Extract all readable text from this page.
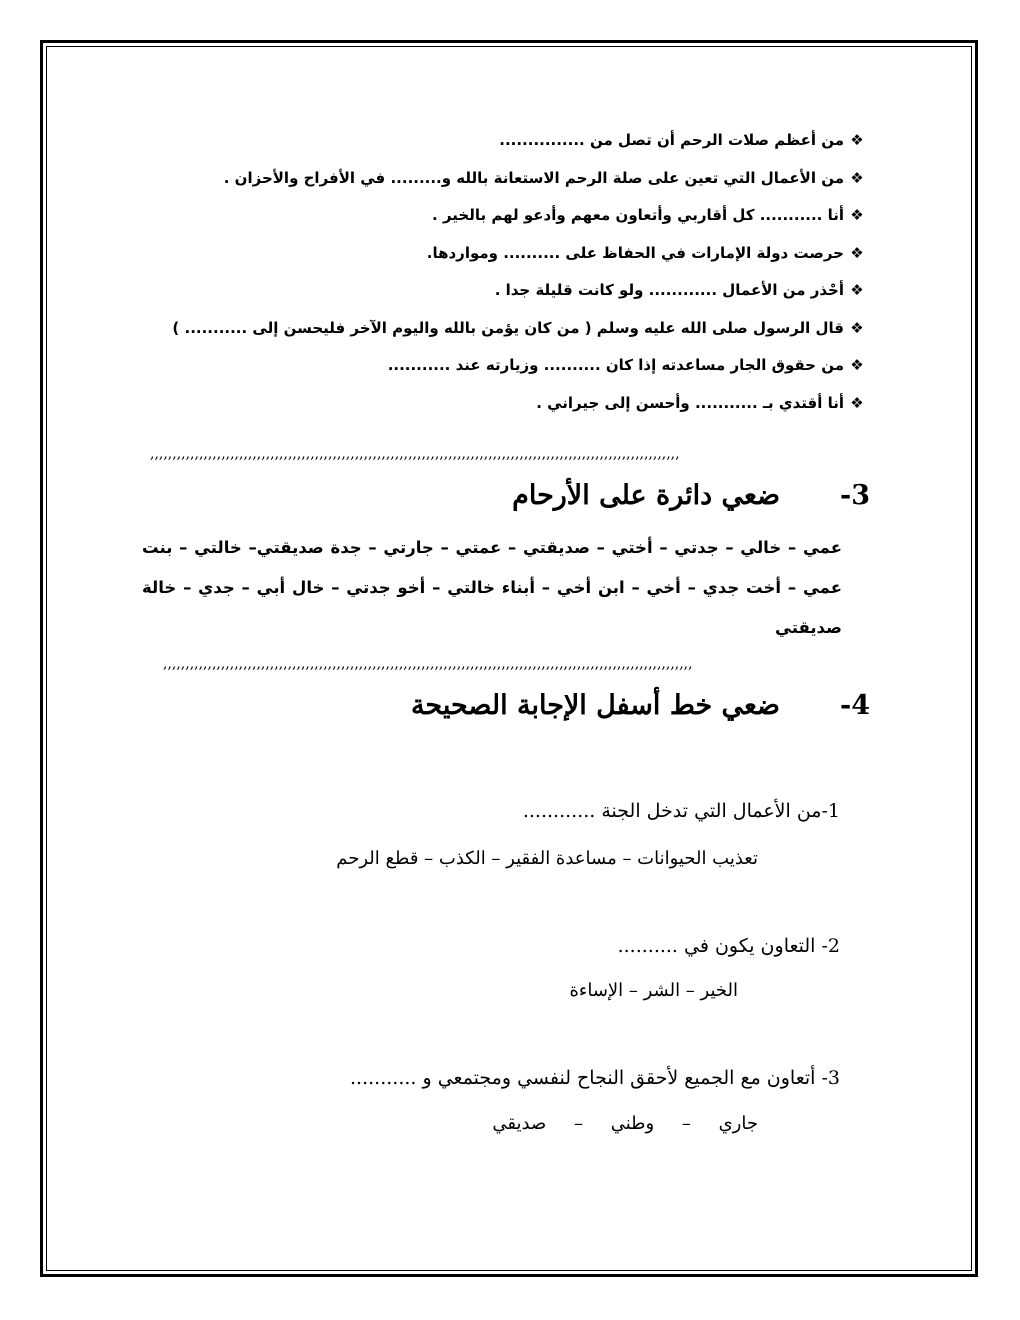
❖من أعظم صلات الرحم أن تصل من ...............
❖من الأعمال التي تعين على صلة الرحم الاستعانة بالله و......... في الأفراح والأحزان .
❖أنا ........... كل أقاربي وأتعاون معهم وأدعو لهم بالخير .
❖حرصت دولة الإمارات في الحفاظ على .......... ومواردها.
❖أحْذر من الأعمال ............ ولو كانت قليلة جدا .
❖قال الرسول صلى الله عليه وسلم ( من كان يؤمن بالله واليوم الآخر فليحسن إلى ........... )
❖من حقوق الجار مساعدته إذا كان .......... وزيارته عند ...........
❖أنا أقتدي بـ ........... وأحسن إلى جيراني .
,,,,,,,,,,,,,,,,,,,,,,,,,,,,,,,,,,,,,,,,,,,,,,,,,,,,,,,,,,,,,,,,,,,,,,,,,,,,,,,,,,,,,,,,,,,,,,,,,,,,,,,,,,,,,,,,,,,,,,,
3-ضعي دائرة على الأرحام
عمي – خالي – جدتي – أختي – صديقتي – عمتي – جارتي – جدة صديقتي– خالتي – بنت عمي – أخت جدي – أخي – ابن أخي – أبناء خالتي – أخو جدتي – خال أبي – جدي – خالة صديقتي
,,,,,,,,,,,,,,,,,,,,,,,,,,,,,,,,,,,,,,,,,,,,,,,,,,,,,,,,,,,,,,,,,,,,,,,,,,,,,,,,,,,,,,,,,,,,,,,,,,,,,,,,,,,,,,,,,,,,,,,
4-ضعي خط أسفل الإجابة الصحيحة
1-من الأعمال التي تدخل الجنة ............
تعذيب الحيوانات – مساعدة الفقير – الكذب – قطع الرحم
2- التعاون يكون في ..........
الخير – الشر – الإساءة
3- أتعاون مع الجميع لأحقق النجاح لنفسي ومجتمعي و ...........
جاري – وطني – صديقي
